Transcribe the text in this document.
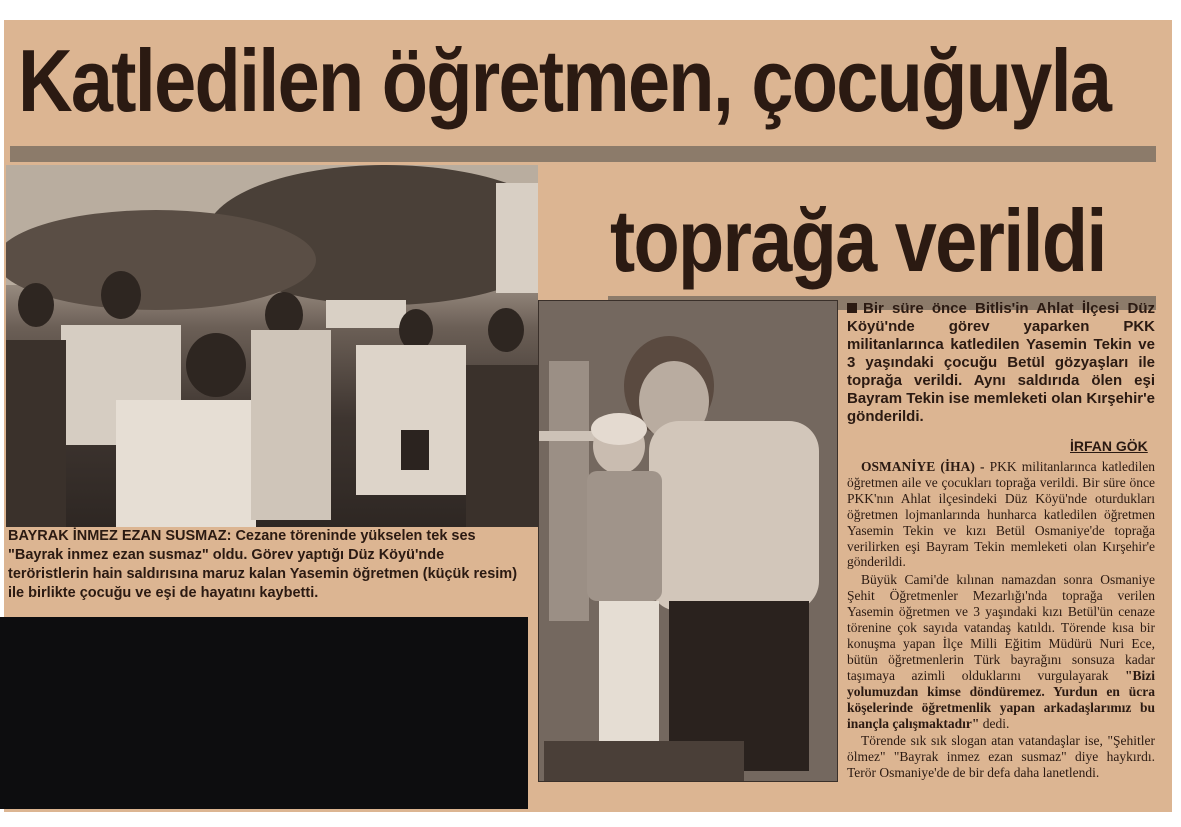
Katledilen öğretmen, çocuğuyla
toprağa verildi
BAYRAK İNMEZ EZAN SUSMAZ: Cezane töreninde yükselen tek ses "Bayrak inmez ezan susmaz" oldu. Görev yaptığı Düz Köyü'nde teröristlerin hain saldırısına maruz kalan Yasemin öğretmen (küçük resim) ile birlikte çocuğu ve eşi de hayatını kaybetti.
Bir süre önce Bitlis'in Ahlat İlçesi Düz Köyü'nde görev yaparken PKK militanlarınca katledilen Yasemin Tekin ve 3 yaşındaki çocuğu Betül gözyaşları ile toprağa verildi. Aynı saldırıda ölen eşi Bayram Tekin ise memleketi olan Kırşehir'e gönderildi.
İRFAN GÖK

OSMANİYE (İHA) - PKK militanlarınca katledilen öğretmen aile ve çocukları toprağa verildi. Bir süre önce PKK'nın Ahlat ilçesindeki Düz Köyü'nde oturdukları öğretmen lojmanlarında hunharca katledilen öğretmen Yasemin Tekin ve kızı Betül Osmaniye'de toprağa verilirken eşi Bayram Tekin memleketi olan Kırşehir'e gönderildi.

Büyük Cami'de kılınan namazdan sonra Osmaniye Şehit Öğretmenler Mezarlığı'nda toprağa verilen Yasemin öğretmen ve 3 yaşındaki kızı Betül'ün cenaze törenine çok sayıda vatandaş katıldı. Törende kısa bir konuşma yapan İlçe Milli Eğitim Müdürü Nuri Ece, bütün öğretmenlerin Türk bayrağını sonsuza kadar taşımaya azimli olduklarını vurgulayarak "Bizi yolumuzdan kimse döndüremez. Yurdun en ücra köşelerinde öğretmenlik yapan arkadaşlarımız bu inançla çalışmaktadır" dedi.

Törende sık sık slogan atan vatandaşlar ise, "Şehitler ölmez" "Bayrak inmez ezan susmaz" diye haykırdı. Terör Osmaniye'de de bir defa daha lanetlendi.
